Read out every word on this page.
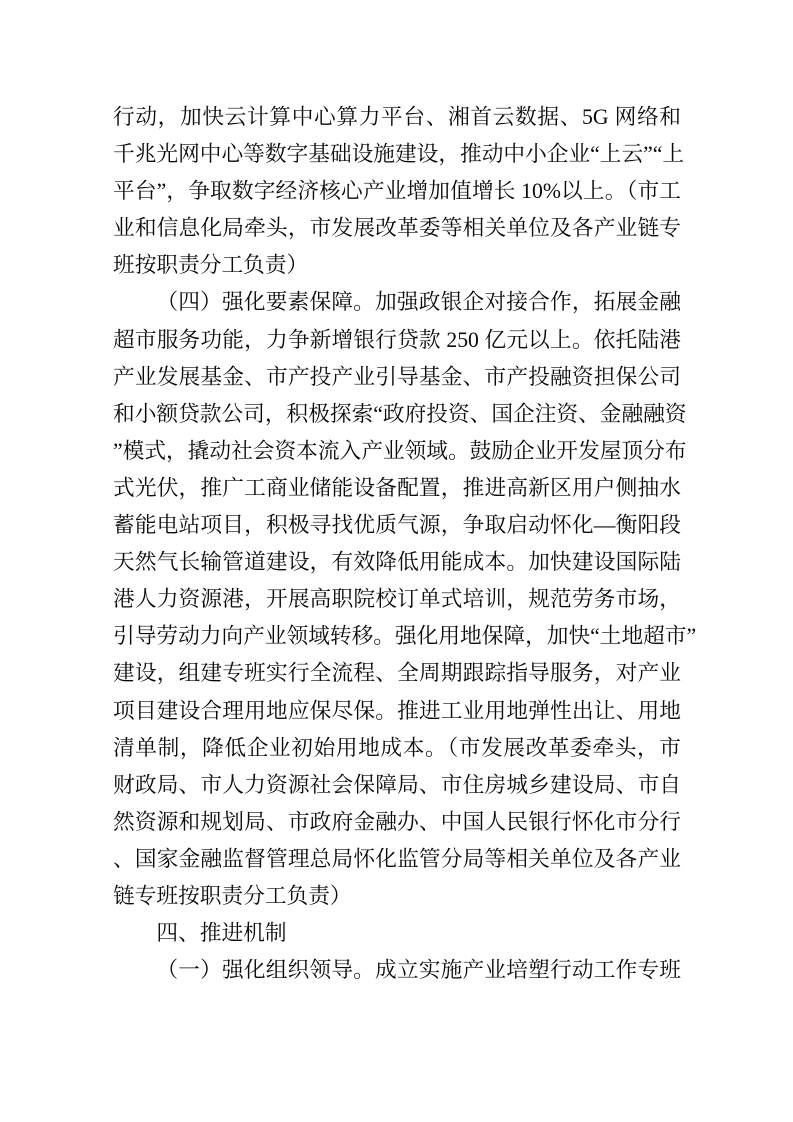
行动，加快云计算中心算力平台、湘首云数据、5G 网络和
千兆光网中心等数字基础设施建设，推动中小企业“上云”“上
平台”，争取数字经济核心产业增加值增长 10%以上。（市工
业和信息化局牵头，市发展改革委等相关单位及各产业链专
班按职责分工负责）
（四）强化要素保障。加强政银企对接合作，拓展金融
超市服务功能，力争新增银行贷款 250 亿元以上。依托陆港
产业发展基金、市产投产业引导基金、市产投融资担保公司
和小额贷款公司，积极探索“政府投资、国企注资、金融融资
”模式，撬动社会资本流入产业领域。鼓励企业开发屋顶分布
式光伏，推广工商业储能设备配置，推进高新区用户侧抽水
蓄能电站项目，积极寻找优质气源，争取启动怀化—衡阳段
天然气长输管道建设，有效降低用能成本。加快建设国际陆
港人力资源港，开展高职院校订单式培训，规范劳务市场，
引导劳动力向产业领域转移。强化用地保障，加快“土地超市”
建设，组建专班实行全流程、全周期跟踪指导服务，对产业
项目建设合理用地应保尽保。推进工业用地弹性出让、用地
清单制，降低企业初始用地成本。（市发展改革委牵头，市
财政局、市人力资源社会保障局、市住房城乡建设局、市自
然资源和规划局、市政府金融办、中国人民银行怀化市分行
、国家金融监督管理总局怀化监管分局等相关单位及各产业
链专班按职责分工负责）
四、推进机制
（一）强化组织领导。成立实施产业培塑行动工作专班
